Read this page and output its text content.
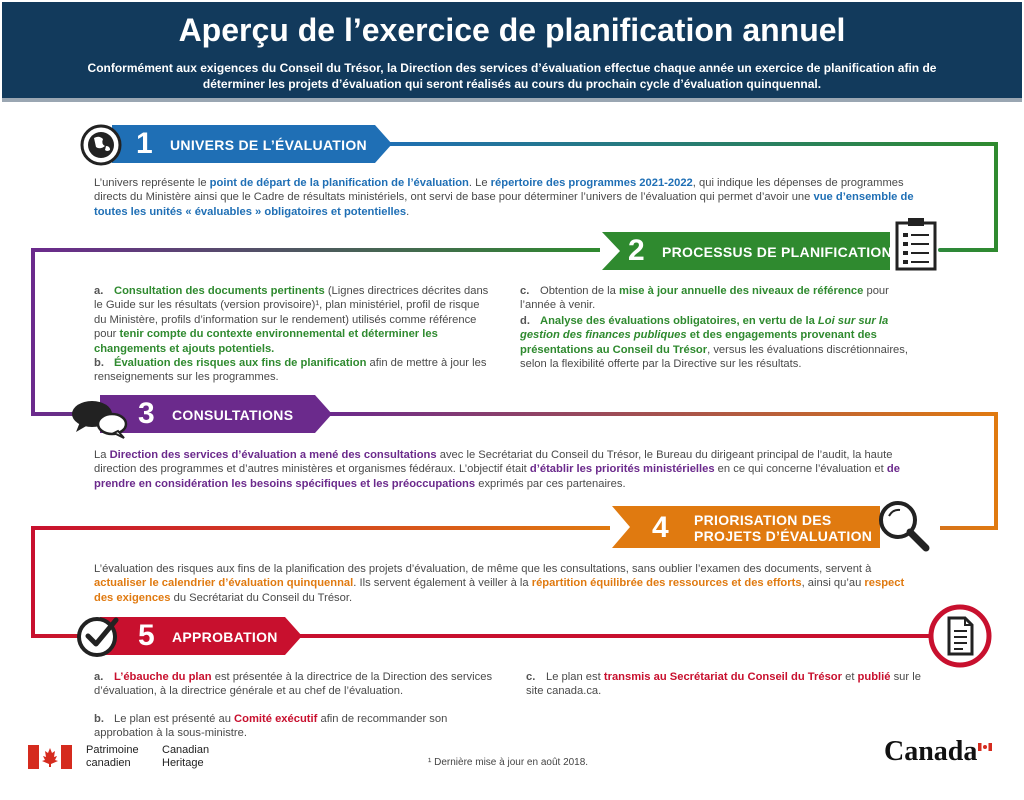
Aperçu de l’exercice de planification annuel

Conformément aux exigences du Conseil du Trésor, la Direction des services d’évaluation effectue chaque année un exercice de planification afin de déterminer les projets d’évaluation qui seront réalisés au cours du prochain cycle d’évaluation quinquennal.

1 UNIVERS DE L’ÉVALUATION
L’univers représente le point de départ de la planification de l’évaluation. Le répertoire des programmes 2021-2022, qui indique les dépenses de programmes directs du Ministère ainsi que le Cadre de résultats ministériels, ont servi de base pour déterminer l’univers de l’évaluation qui permet d’avoir une vue d’ensemble de toutes les unités « évaluables » obligatoires et potentielles.
2 PROCESSUS DE PLANIFICATION
a. Consultation des documents pertinents (Lignes directrices décrites dans le Guide sur les résultats (version provisoire)¹, plan ministériel, profil de risque du Ministère, profils d’information sur le rendement) utilisés comme référence pour tenir compte du contexte environnemental et déterminer les changements et ajouts potentiels.
b. Évaluation des risques aux fins de planification afin de mettre à jour les renseignements sur les programmes.
c. Obtention de la mise à jour annuelle des niveaux de référence pour l’année à venir.
d. Analyse des évaluations obligatoires, en vertu de la Loi sur sur la gestion des finances publiques et des engagements provenant des présentations au Conseil du Trésor, versus les évaluations discrétionnaires, selon la flexibilité offerte par la Directive sur les résultats.
3 CONSULTATIONS
La Direction des services d’évaluation a mené des consultations avec le Secrétariat du Conseil du Trésor, le Bureau du dirigeant principal de l’audit, la haute direction des programmes et d’autres ministères et organismes fédéraux. L’objectif était d’établir les priorités ministérielles en ce qui concerne l’évaluation et de prendre en considération les besoins spécifiques et les préoccupations exprimés par ces partenaires.
4 PRIORISATION DES
PROJETS D’ÉVALUATION
L’évaluation des risques aux fins de la planification des projets d’évaluation, de même que les consultations, sans oublier l’examen des documents, servent à actualiser le calendrier d’évaluation quinquennal. Ils servent également à veiller à la répartition équilibrée des ressources et des efforts, ainsi qu’au respect des exigences du Secrétariat du Conseil du Trésor.
5 APPROBATION
a. L’ébauche du plan est présentée à la directrice de la Direction des services d’évaluation, à la directrice générale et au chef de l’évaluation.
b. Le plan est présenté au Comité exécutif afin de recommander son approbation à la sous-ministre.
c. Le plan est transmis au Secrétariat du Conseil du Trésor et publié sur le site canada.ca.
Patrimoine
canadien
Canadian
Heritage	¹ Dernière mise à jour en août 2018.	Canada
